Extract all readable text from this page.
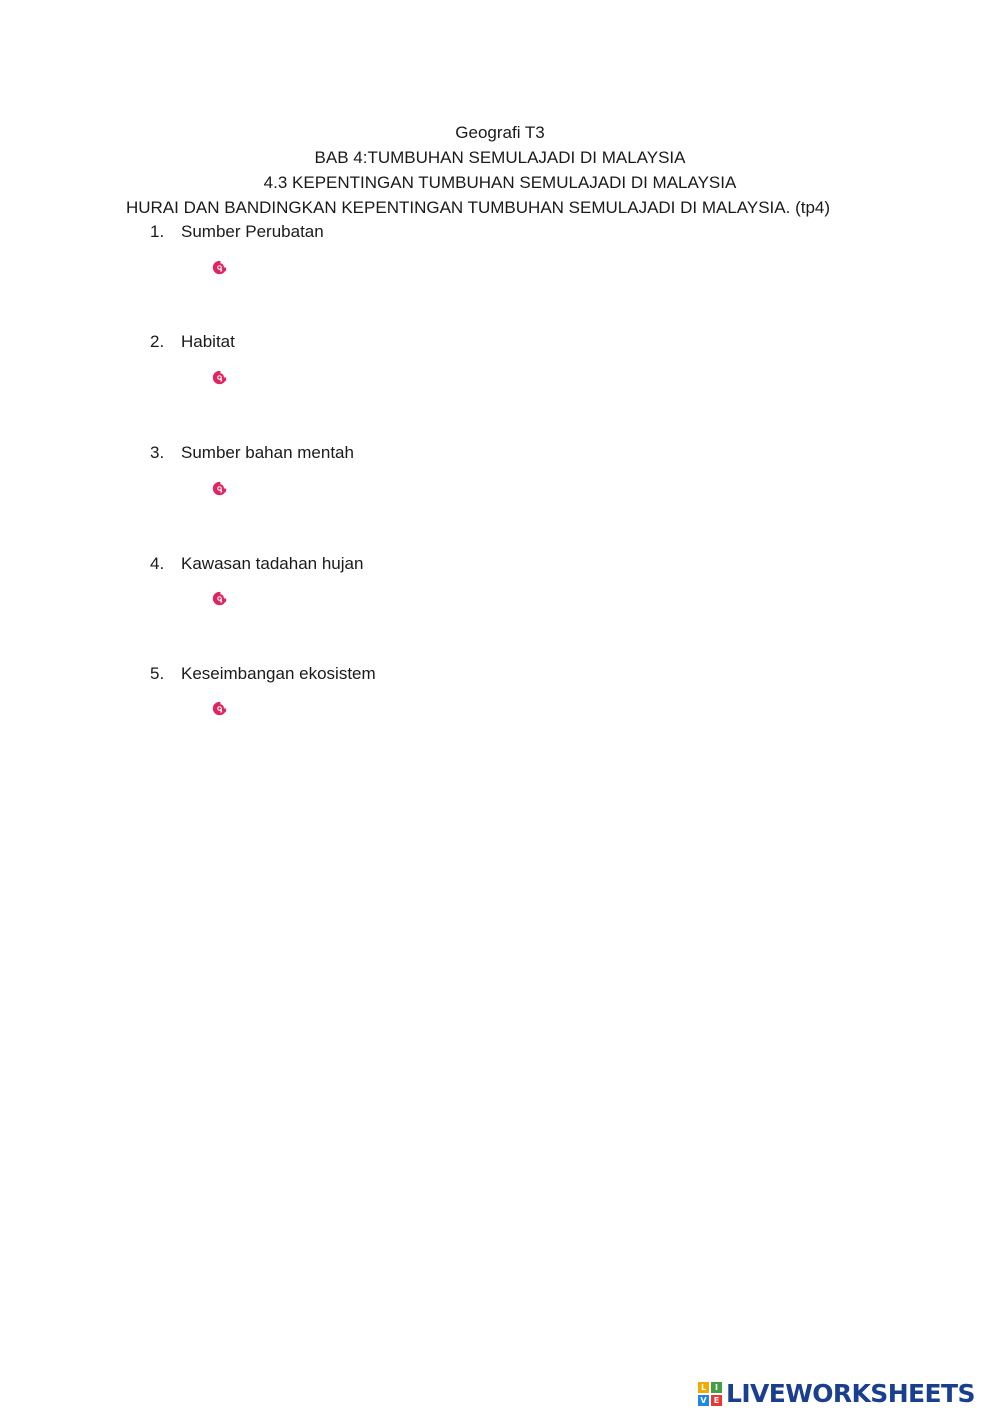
Geografi T3
BAB 4:TUMBUHAN SEMULAJADI DI MALAYSIA
4.3 KEPENTINGAN TUMBUHAN SEMULAJADI DI MALAYSIA
HURAI DAN BANDINGKAN KEPENTINGAN TUMBUHAN SEMULAJADI DI MALAYSIA. (tp4)
1. Sumber Perubatan
2. Habitat
3. Sumber bahan mentah
4. Kawasan tadahan hujan
5. Keseimbangan ekosistem
L	I
V E LIVEWORKSHEETS
